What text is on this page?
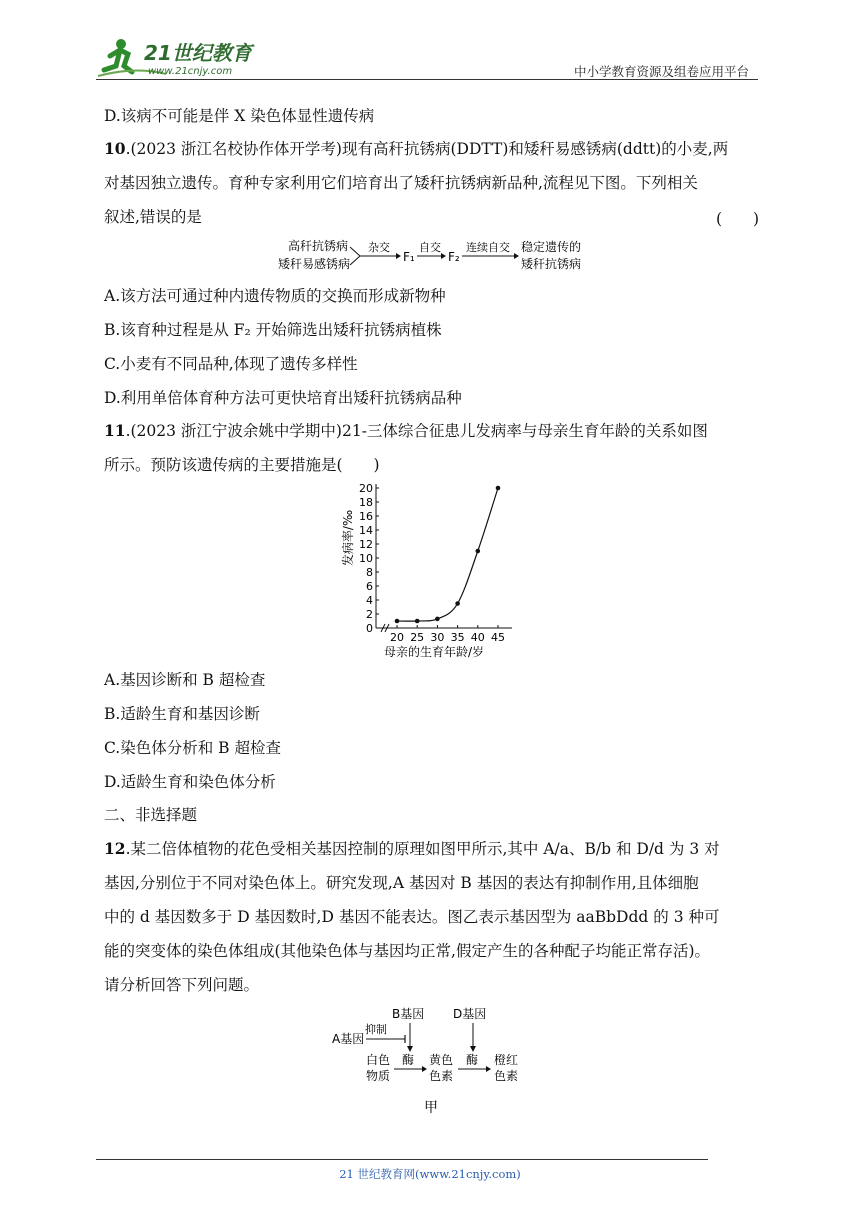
21世纪教育
www.21cnjy.com	中小学教育资源及组卷应用平台
D.该病不可能是伴 X 染色体显性遗传病
10.(2023 浙江名校协作体开学考)现有高秆抗锈病(DDTT)和矮秆易感锈病(ddtt)的小麦,两
对基因独立遗传。育种专家利用它们培育出了矮秆抗锈病新品种,流程见下图。下列相关
叙述,错误的是	(　　)
高秆抗锈病
矮秆易感锈病
杂交
F₁
自交
F₂
连续自交 稳定遗传的
矮秆抗锈病
A.该方法可通过种内遗传物质的交换而形成新物种
B.该育种过程是从 F₂ 开始筛选出矮秆抗锈病植株
C.小麦有不同品种,体现了遗传多样性
D.利用单倍体育种方法可更快培育出矮秆抗锈病品种
11.(2023 浙江宁波余姚中学期中)21-三体综合征患儿发病率与母亲生育年龄的关系如图
所示。预防该遗传病的主要措施是(　　)
0
2
4
6
8
10
12
14
16
18
20
20 25 30 35 40 45
发病率/‰
母亲的生育年龄/岁
A.基因诊断和 B 超检查
B.适龄生育和基因诊断
C.染色体分析和 B 超检查
D.适龄生育和染色体分析
二、非选择题
12.某二倍体植物的花色受相关基因控制的原理如图甲所示,其中 A/a、B/b 和 D/d 为 3 对
基因,分别位于不同对染色体上。研究发现,A 基因对 B 基因的表达有抑制作用,且体细胞
中的 d 基因数多于 D 基因数时,D 基因不能表达。图乙表示基因型为 aaBbDdd 的 3 种可
能的突变体的染色体组成(其他染色体与基因均正常,假定产生的各种配子均能正常存活)。
请分析回答下列问题。
B基因 D基因
A基因
抑制
白色
物质
酶 黄色
色素
酶 橙红
色素
甲
21 世纪教育网(www.21cnjy.com)
